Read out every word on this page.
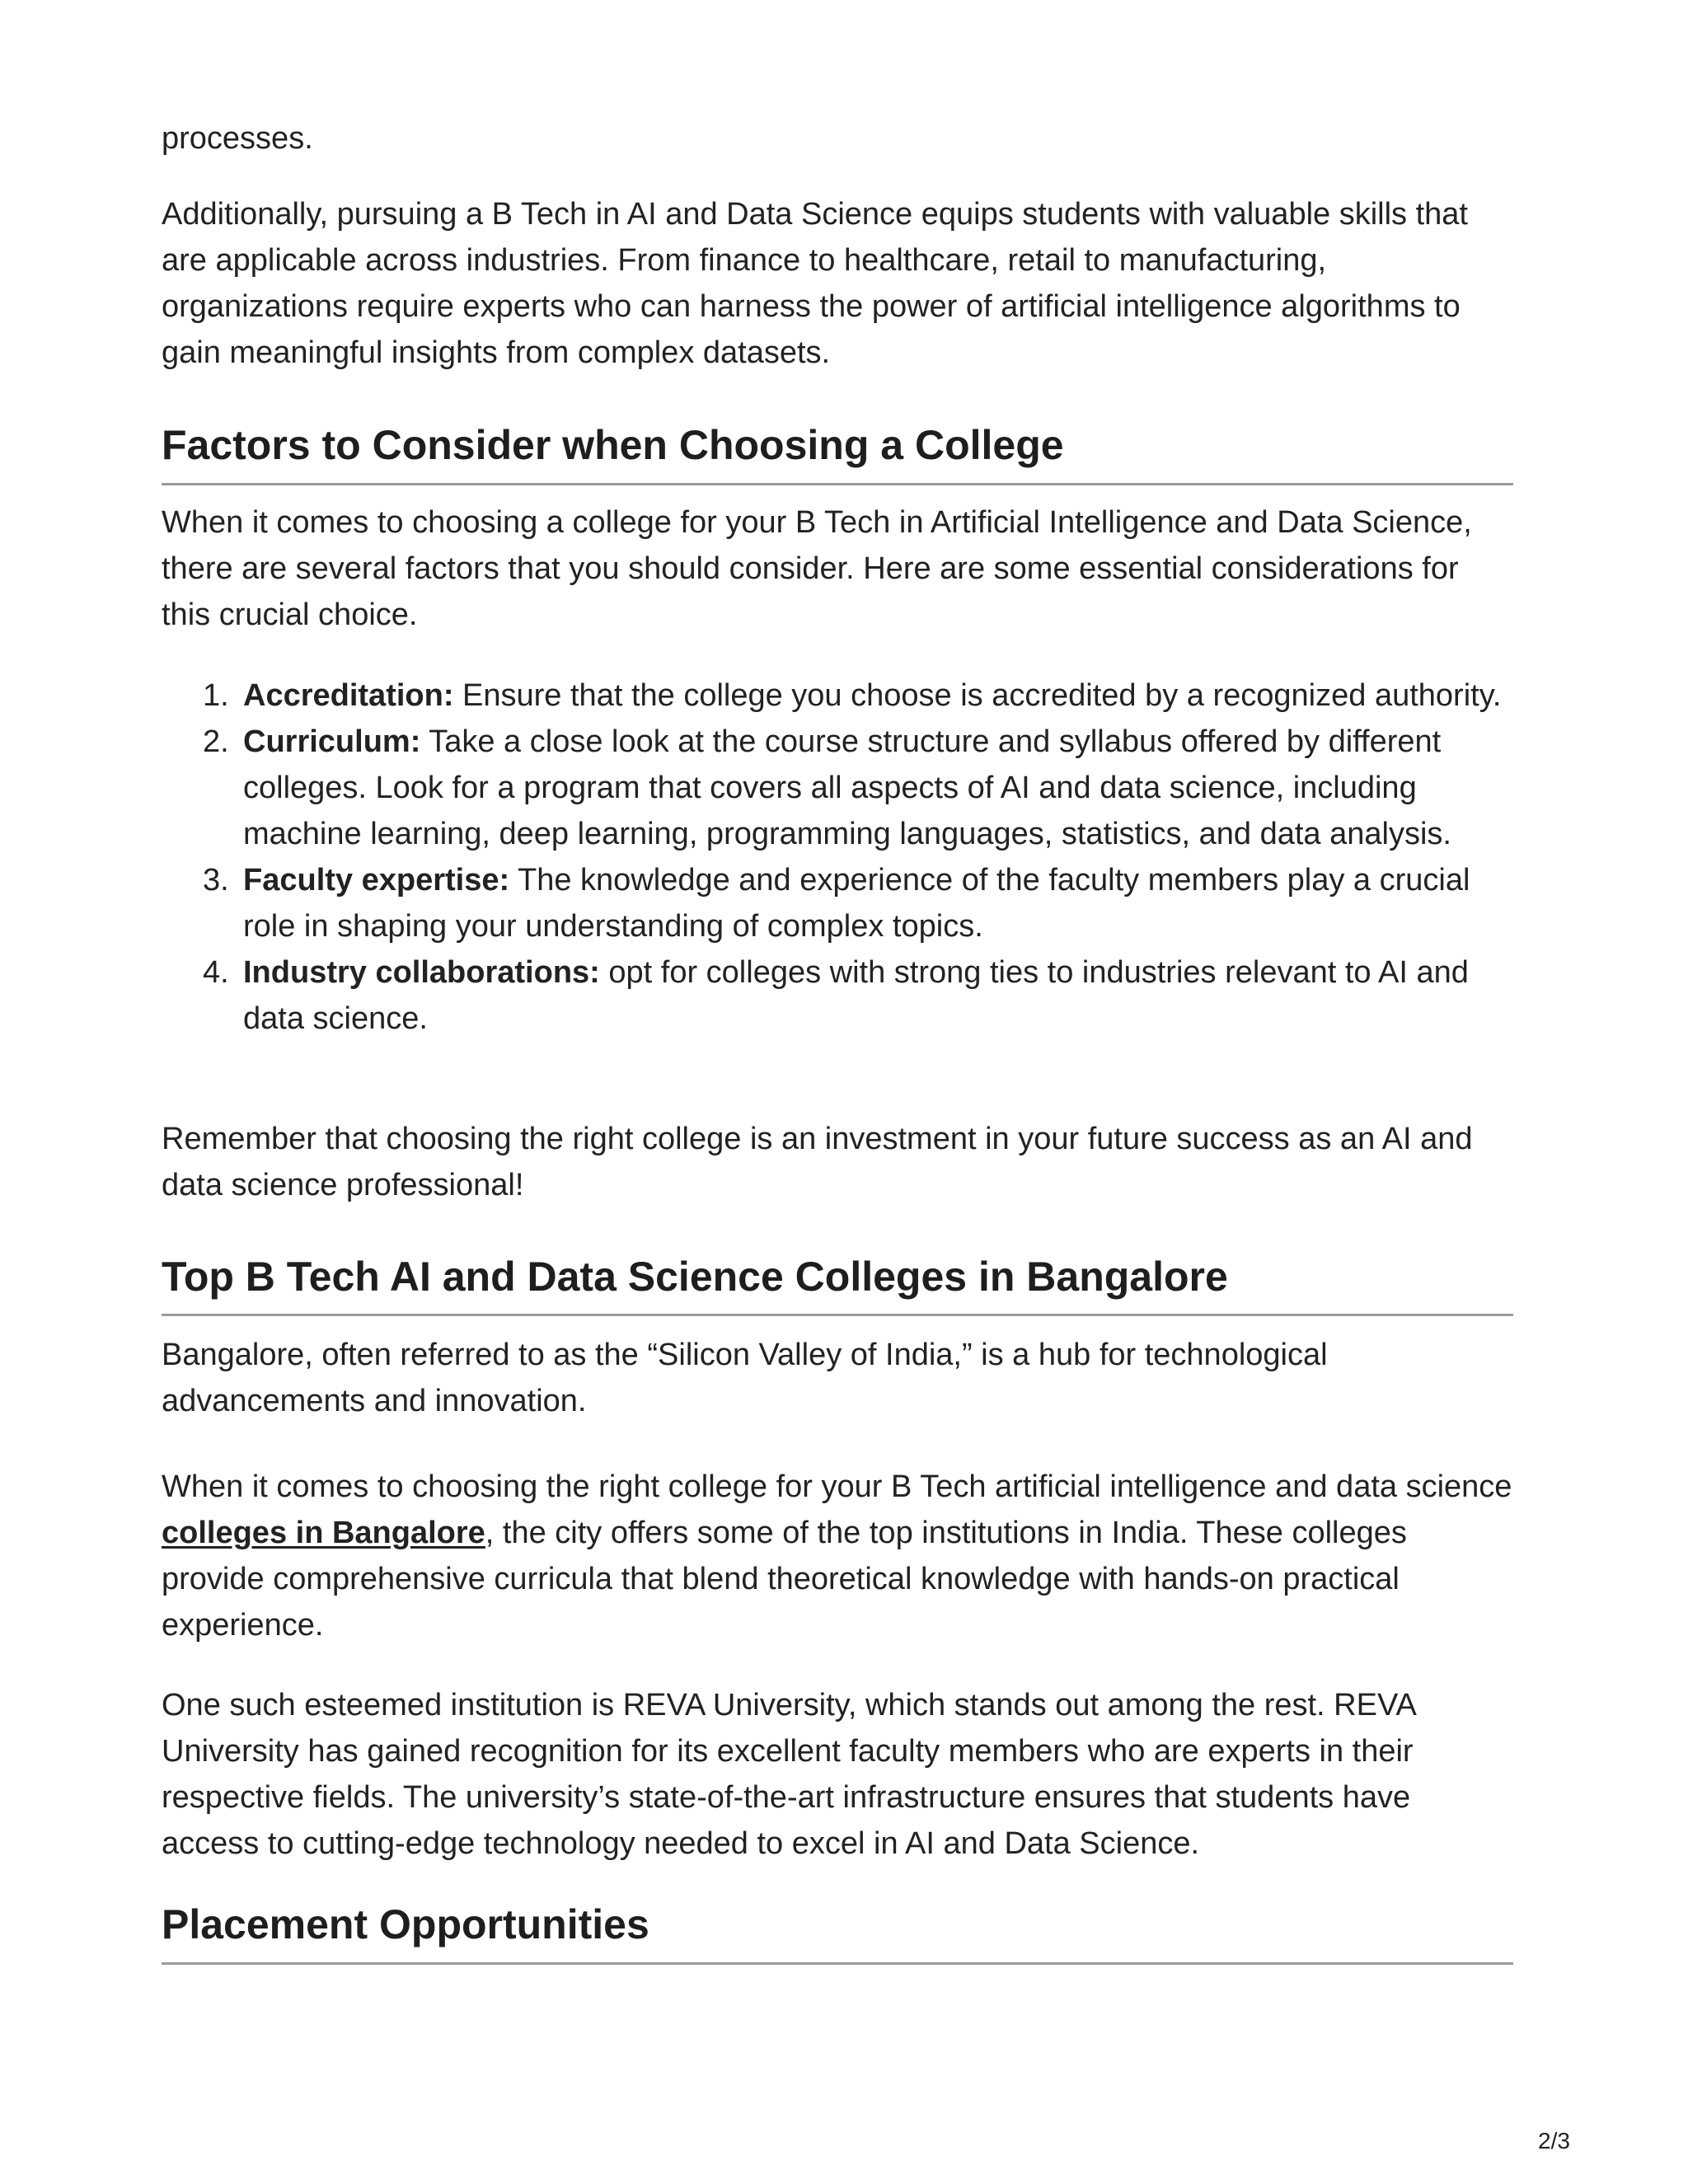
processes.

Additionally, pursuing a B Tech in AI and Data Science equips students with valuable skills that are applicable across industries. From finance to healthcare, retail to manufacturing, organizations require experts who can harness the power of artificial intelligence algorithms to gain meaningful insights from complex datasets.

Factors to Consider when Choosing a College

When it comes to choosing a college for your B Tech in Artificial Intelligence and Data Science, there are several factors that you should consider. Here are some essential considerations for this crucial choice.

1. Accreditation: Ensure that the college you choose is accredited by a recognized authority.
2. Curriculum: Take a close look at the course structure and syllabus offered by different colleges. Look for a program that covers all aspects of AI and data science, including machine learning, deep learning, programming languages, statistics, and data analysis.
3. Faculty expertise: The knowledge and experience of the faculty members play a crucial role in shaping your understanding of complex topics.
4. Industry collaborations: opt for colleges with strong ties to industries relevant to AI and data science.

Remember that choosing the right college is an investment in your future success as an AI and data science professional!

Top B Tech AI and Data Science Colleges in Bangalore

Bangalore, often referred to as the “Silicon Valley of India,” is a hub for technological advancements and innovation.

When it comes to choosing the right college for your B Tech artificial intelligence and data science colleges in Bangalore, the city offers some of the top institutions in India. These colleges provide comprehensive curricula that blend theoretical knowledge with hands-on practical experience.

One such esteemed institution is REVA University, which stands out among the rest. REVA University has gained recognition for its excellent faculty members who are experts in their respective fields. The university’s state-of-the-art infrastructure ensures that students have access to cutting-edge technology needed to excel in AI and Data Science.

Placement Opportunities
2/3
